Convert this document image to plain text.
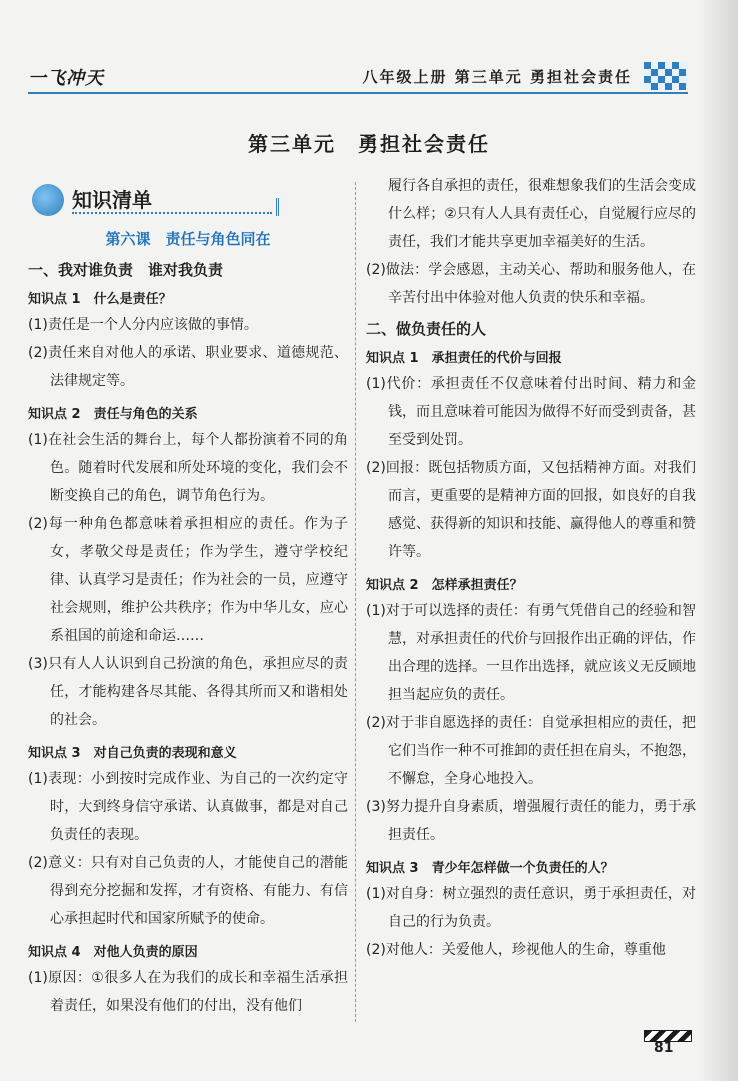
一飞冲天	八年级上册 第三单元 勇担社会责任
第三单元　勇担社会责任
知识清单
第六课　责任与角色同在
一、我对谁负责　谁对我负责
知识点 1　什么是责任？

(1)责任是一个人分内应该做的事情。

(2)责任来自对他人的承诺、职业要求、道德规范、法律规定等。

知识点 2　责任与角色的关系

(1)在社会生活的舞台上，每个人都扮演着不同的角色。随着时代发展和所处环境的变化，我们会不断变换自己的角色，调节角色行为。

(2)每一种角色都意味着承担相应的责任。作为子女，孝敬父母是责任；作为学生，遵守学校纪律、认真学习是责任；作为社会的一员，应遵守社会规则，维护公共秩序；作为中华儿女，应心系祖国的前途和命运……

(3)只有人人认识到自己扮演的角色，承担应尽的责任，才能构建各尽其能、各得其所而又和谐相处的社会。

知识点 3　对自己负责的表现和意义

(1)表现：小到按时完成作业、为自己的一次约定守时，大到终身信守承诺、认真做事，都是对自己负责任的表现。

(2)意义：只有对自己负责的人，才能使自己的潜能得到充分挖掘和发挥，才有资格、有能力、有信心承担起时代和国家所赋予的使命。

知识点 4　对他人负责的原因

(1)原因：①很多人在为我们的成长和幸福生活承担着责任，如果没有他们的付出，没有他们

履行各自承担的责任，很难想象我们的生活会变成什么样；②只有人人具有责任心，自觉履行应尽的责任，我们才能共享更加幸福美好的生活。

(2)做法：学会感恩，主动关心、帮助和服务他人，在辛苦付出中体验对他人负责的快乐和幸福。

二、做负责任的人
知识点 1　承担责任的代价与回报

(1)代价：承担责任不仅意味着付出时间、精力和金钱，而且意味着可能因为做得不好而受到责备，甚至受到处罚。

(2)回报：既包括物质方面，又包括精神方面。对我们而言，更重要的是精神方面的回报，如良好的自我感觉、获得新的知识和技能、赢得他人的尊重和赞许等。

知识点 2　怎样承担责任？

(1)对于可以选择的责任：有勇气凭借自己的经验和智慧，对承担责任的代价与回报作出正确的评估，作出合理的选择。一旦作出选择，就应该义无反顾地担当起应负的责任。

(2)对于非自愿选择的责任：自觉承担相应的责任，把它们当作一种不可推卸的责任担在肩头，不抱怨，不懈怠，全身心地投入。

(3)努力提升自身素质，增强履行责任的能力，勇于承担责任。

知识点 3　青少年怎样做一个负责任的人？

(1)对自身：树立强烈的责任意识，勇于承担责任，对自己的行为负责。

(2)对他人：关爱他人，珍视他人的生命，尊重他

81
